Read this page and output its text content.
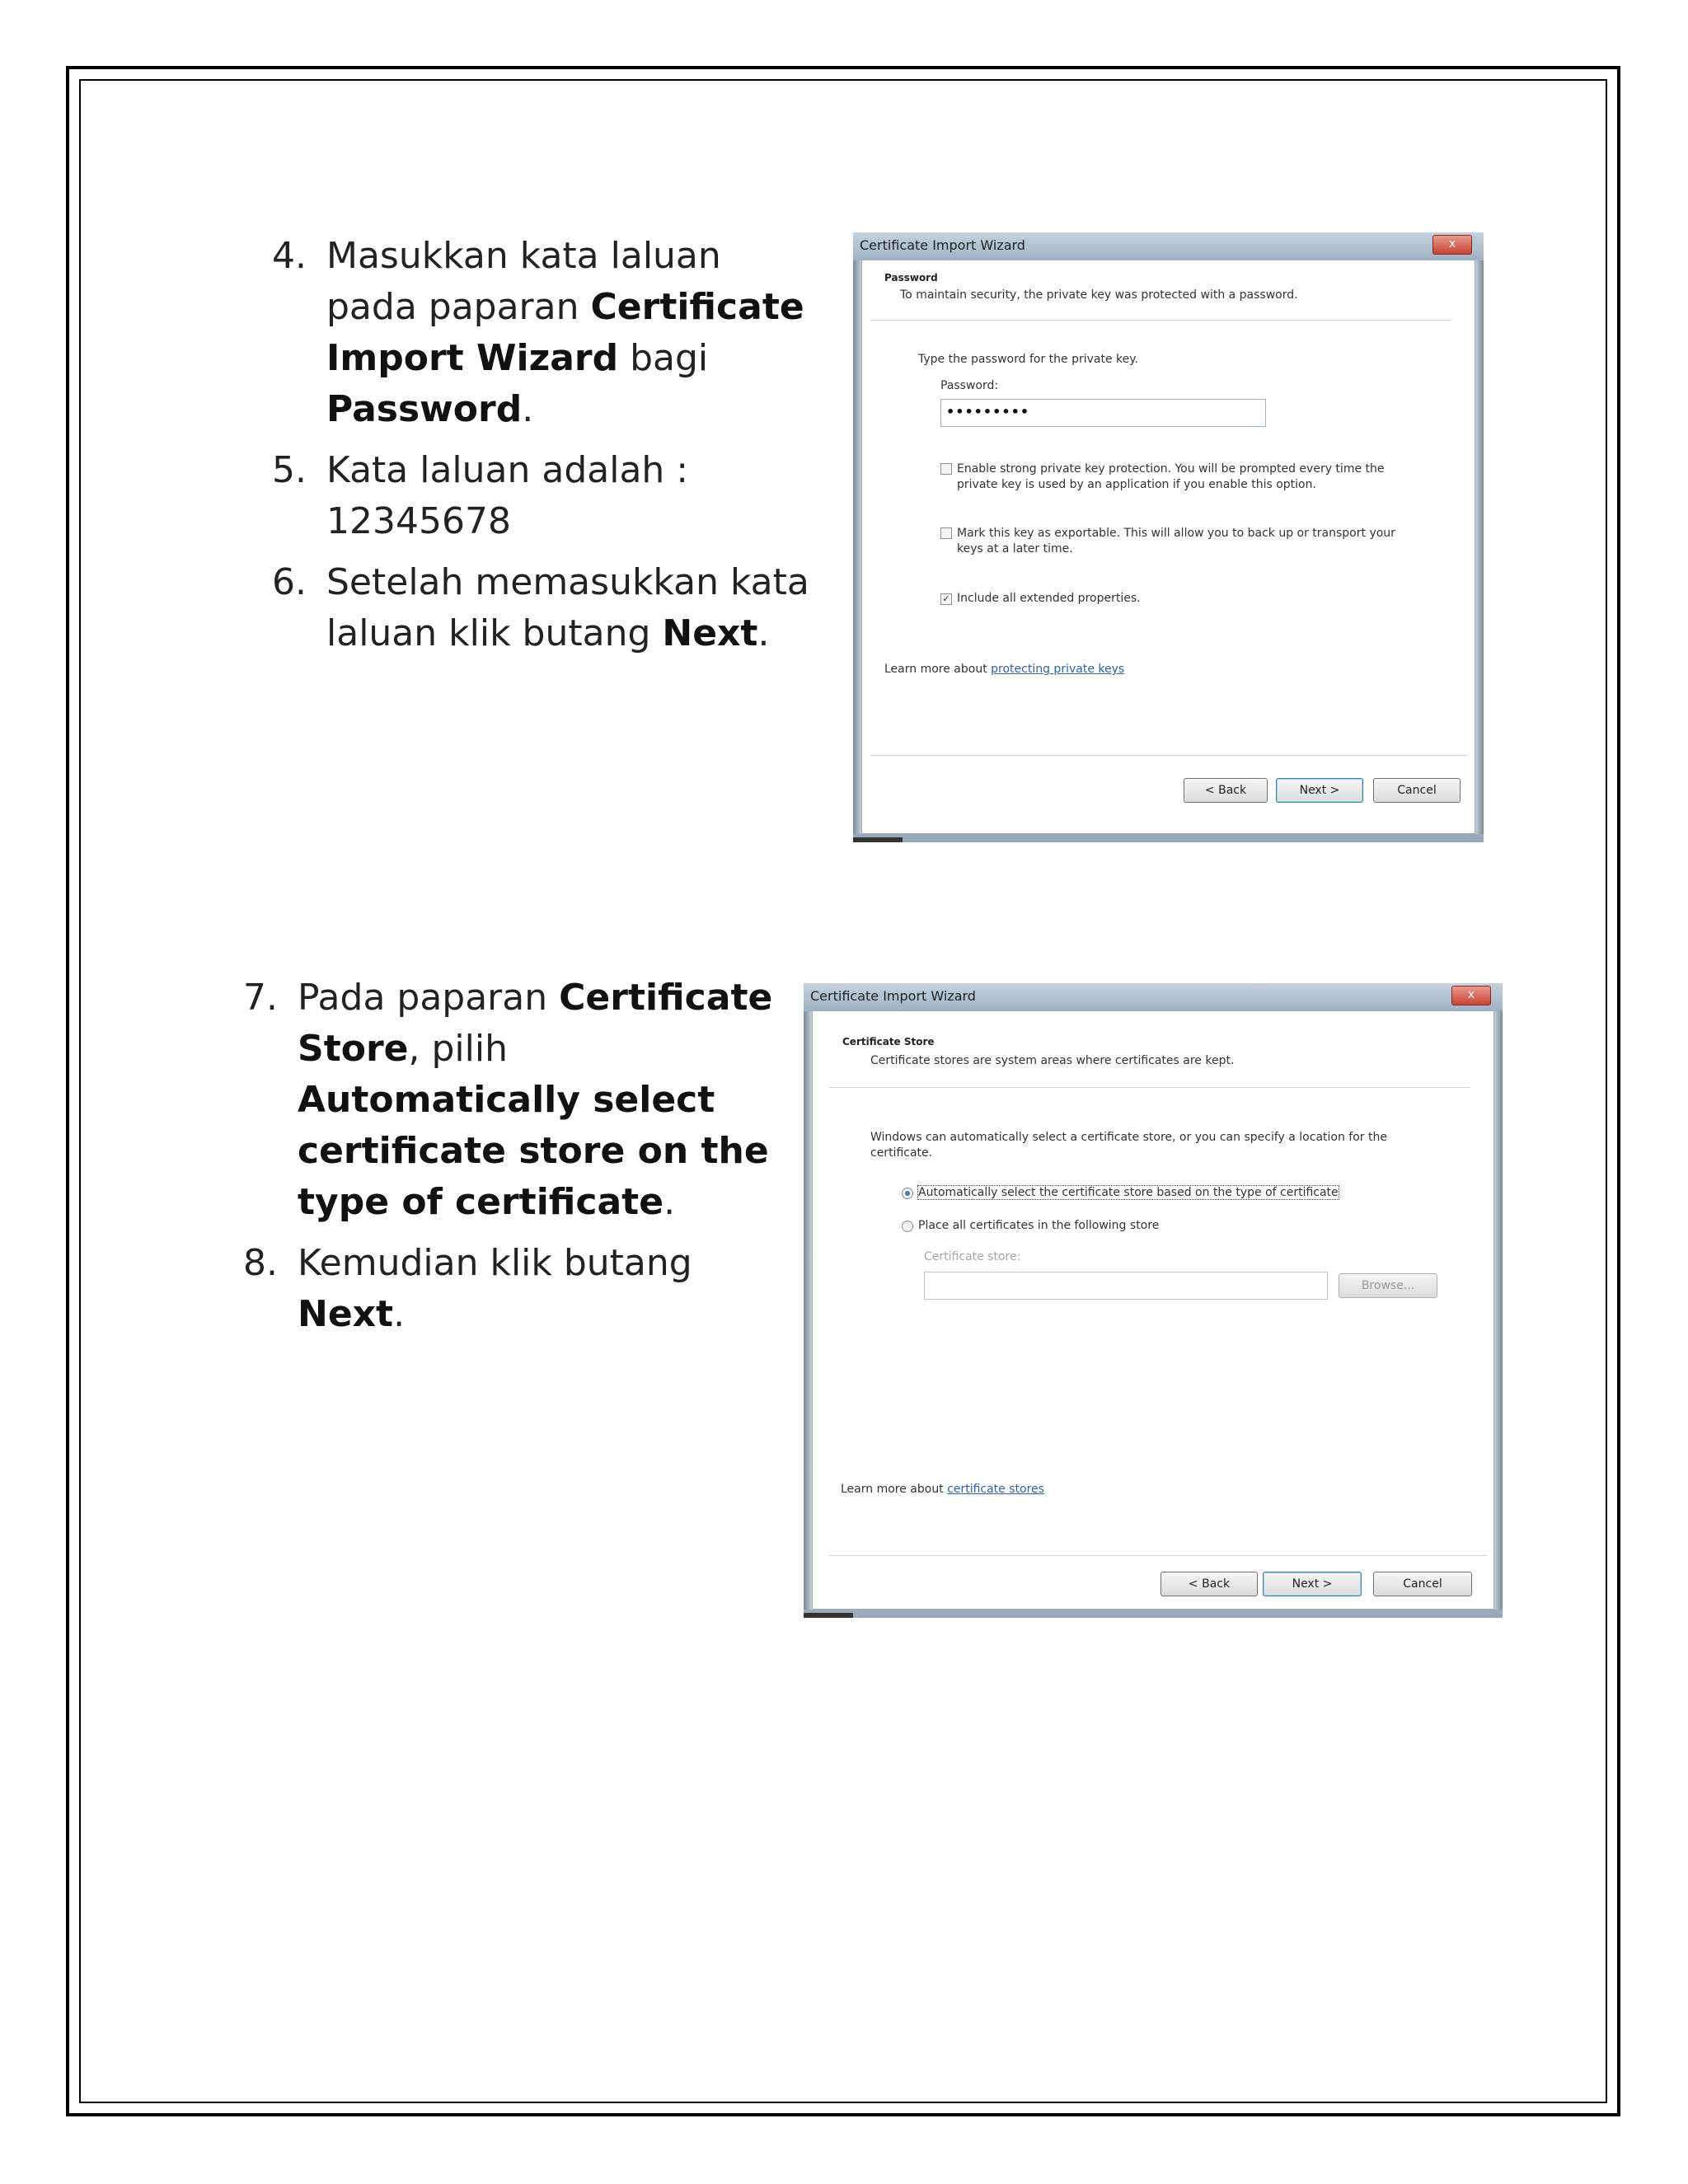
4. Masukkan kata laluan pada paparan Certificate Import Wizard bagi Password.
5. Kata laluan adalah : 12345678
6. Setelah memasukkan kata laluan klik butang Next.
7. Pada paparan Certificate Store, pilih Automatically select certificate store on the type of certificate.
8. Kemudian klik butang Next.
Certificate Import Wizard	x
Password
To maintain security, the private key was protected with a password.
Type the password for the private key.
Password:
•••••••••
Enable strong private key protection. You will be prompted every time the private key is used by an application if you enable this option.
Mark this key as exportable. This will allow you to back up or transport your keys at a later time.
✓ Include all extended properties.
Learn more about protecting private keys
< Back	Next >	Cancel
Certificate Import Wizard	x
Certificate Store
Certificate stores are system areas where certificates are kept.
Windows can automatically select a certificate store, or you can specify a location for the certificate.
Automatically select the certificate store based on the type of certificate
Place all certificates in the following store
Certificate store:
Browse...
Learn more about certificate stores
< Back	Next >	Cancel
